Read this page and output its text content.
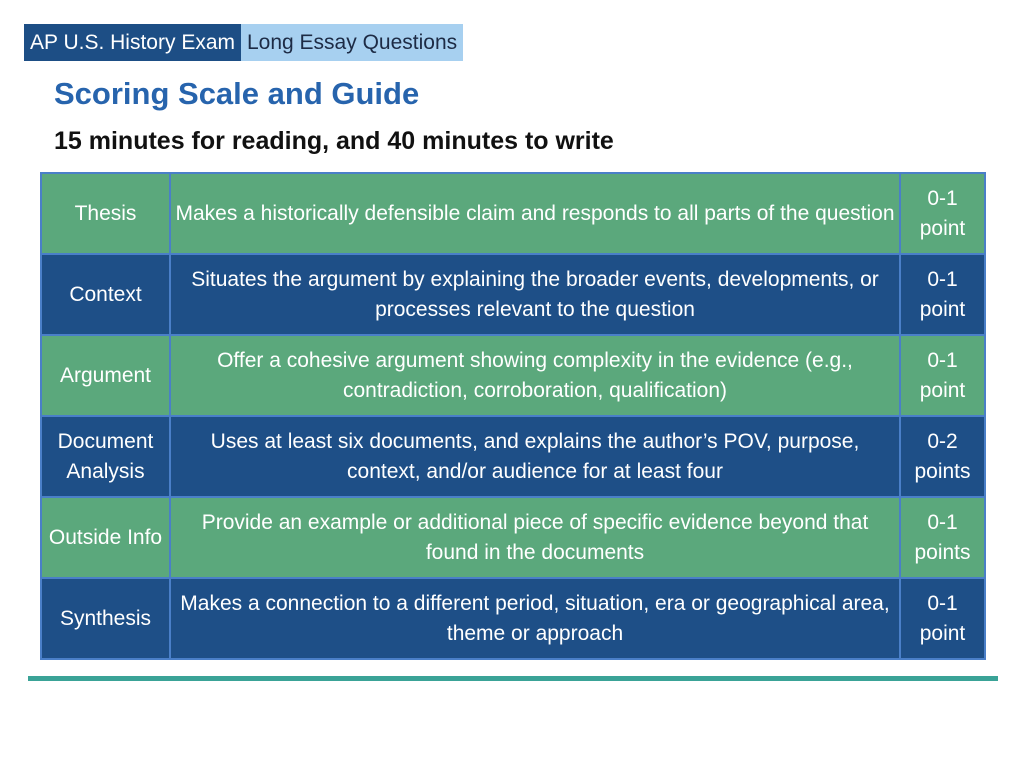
AP U.S. History Exam Long Essay Questions
Scoring Scale and Guide
15 minutes for reading, and 40 minutes to write
Thesis	Makes a historically defensible claim and responds to all parts of the question	0-1 point
Context	Situates the argument by explaining the broader events, developments, or processes relevant to the question	0-1 point
Argument	Offer a cohesive argument showing complexity in the evidence (e.g., contradiction, corroboration, qualification)	0-1 point
Document Analysis	Uses at least six documents, and explains the author’s POV, purpose, context, and/or audience for at least four	0-2 points
Outside Info	Provide an example or additional piece of specific evidence beyond that found in the documents	0-1 points
Synthesis	Makes a connection to a different period, situation, era or geographical area, theme or approach	0-1 point
